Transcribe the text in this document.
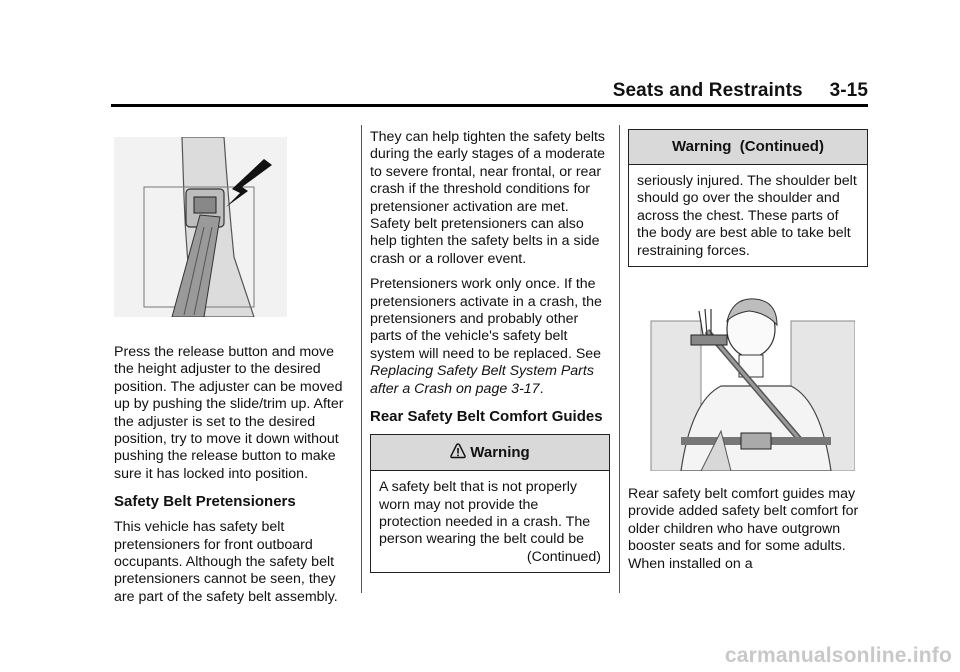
Seats and Restraints     3-15

Press the release button and move the height adjuster to the desired position. The adjuster can be moved up by pushing the slide/trim up. After the adjuster is set to the desired position, try to move it down without pushing the release button to make sure it has locked into position.

Safety Belt Pretensioners

This vehicle has safety belt pretensioners for front outboard occupants. Although the safety belt pretensioners cannot be seen, they are part of the safety belt assembly.

They can help tighten the safety belts during the early stages of a moderate to severe frontal, near frontal, or rear crash if the threshold conditions for pretensioner activation are met. Safety belt pretensioners can also help tighten the safety belts in a side crash or a rollover event.

Pretensioners work only once. If the pretensioners activate in a crash, the pretensioners and probably other parts of the vehicle's safety belt system will need to be replaced. See Replacing Safety Belt System Parts after a Crash on page 3-17.

Rear Safety Belt Comfort Guides
Warning

A safety belt that is not properly worn may not provide the protection needed in a crash. The person wearing the belt could be

(Continued)

Warning  (Continued)

seriously injured. The shoulder belt should go over the shoulder and across the chest. These parts of the body are best able to take belt restraining forces.

Rear safety belt comfort guides may provide added safety belt comfort for older children who have outgrown booster seats and for some adults. When installed on a

carmanualsonline.info
